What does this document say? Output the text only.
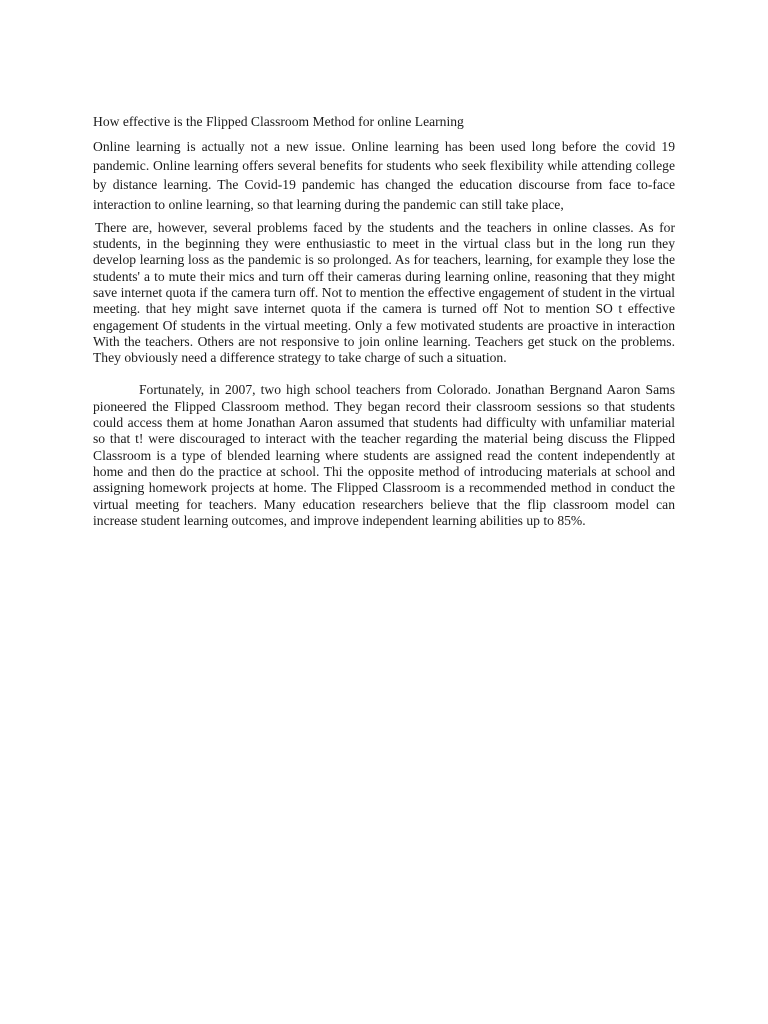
How effective is the Flipped Classroom Method for online Learning

Online learning is actually not a new issue. Online learning has been used long before the covid 19 pandemic. Online learning offers several benefits for students who seek flexibility while attending college by distance learning. The Covid-19 pandemic has changed the education discourse from face to-face interaction to online learning, so that learning during the pandemic can still take place,

There are, however, several problems faced by the students and the teachers in online classes. As for students, in the beginning they were enthusiastic to meet in the virtual class but in the long run they develop learning loss as the pandemic is so prolonged. As for teachers, learning, for example they lose the students' a to mute their mics and turn off their cameras during learning online, reasoning that they might save internet quota if the camera turn off. Not to mention the effective engagement of student in the virtual meeting. that hey might save internet quota if the camera is turned off Not to mention SO t effective engagement Of students in the virtual meeting. Only a few motivated students are proactive in interaction With the teachers. Others are not responsive to join online learning. Teachers get stuck on the problems. They obviously need a difference strategy to take charge of such a situation.

Fortunately, in 2007, two high school teachers from Colorado. Jonathan Bergnand Aaron Sams pioneered the Flipped Classroom method. They began record their classroom sessions so that students could access them at home Jonathan Aaron assumed that students had difficulty with unfamiliar material so that t! were discouraged to interact with the teacher regarding the material being discuss the Flipped Classroom is a type of blended learning where students are assigned read the content independently at home and then do the practice at school. Thi the opposite method of introducing materials at school and assigning homework projects at home. The Flipped Classroom is a recommended method in conduct the virtual meeting for teachers. Many education researchers believe that the flip classroom model can increase student learning outcomes, and improve independent learning abilities up to 85%.
